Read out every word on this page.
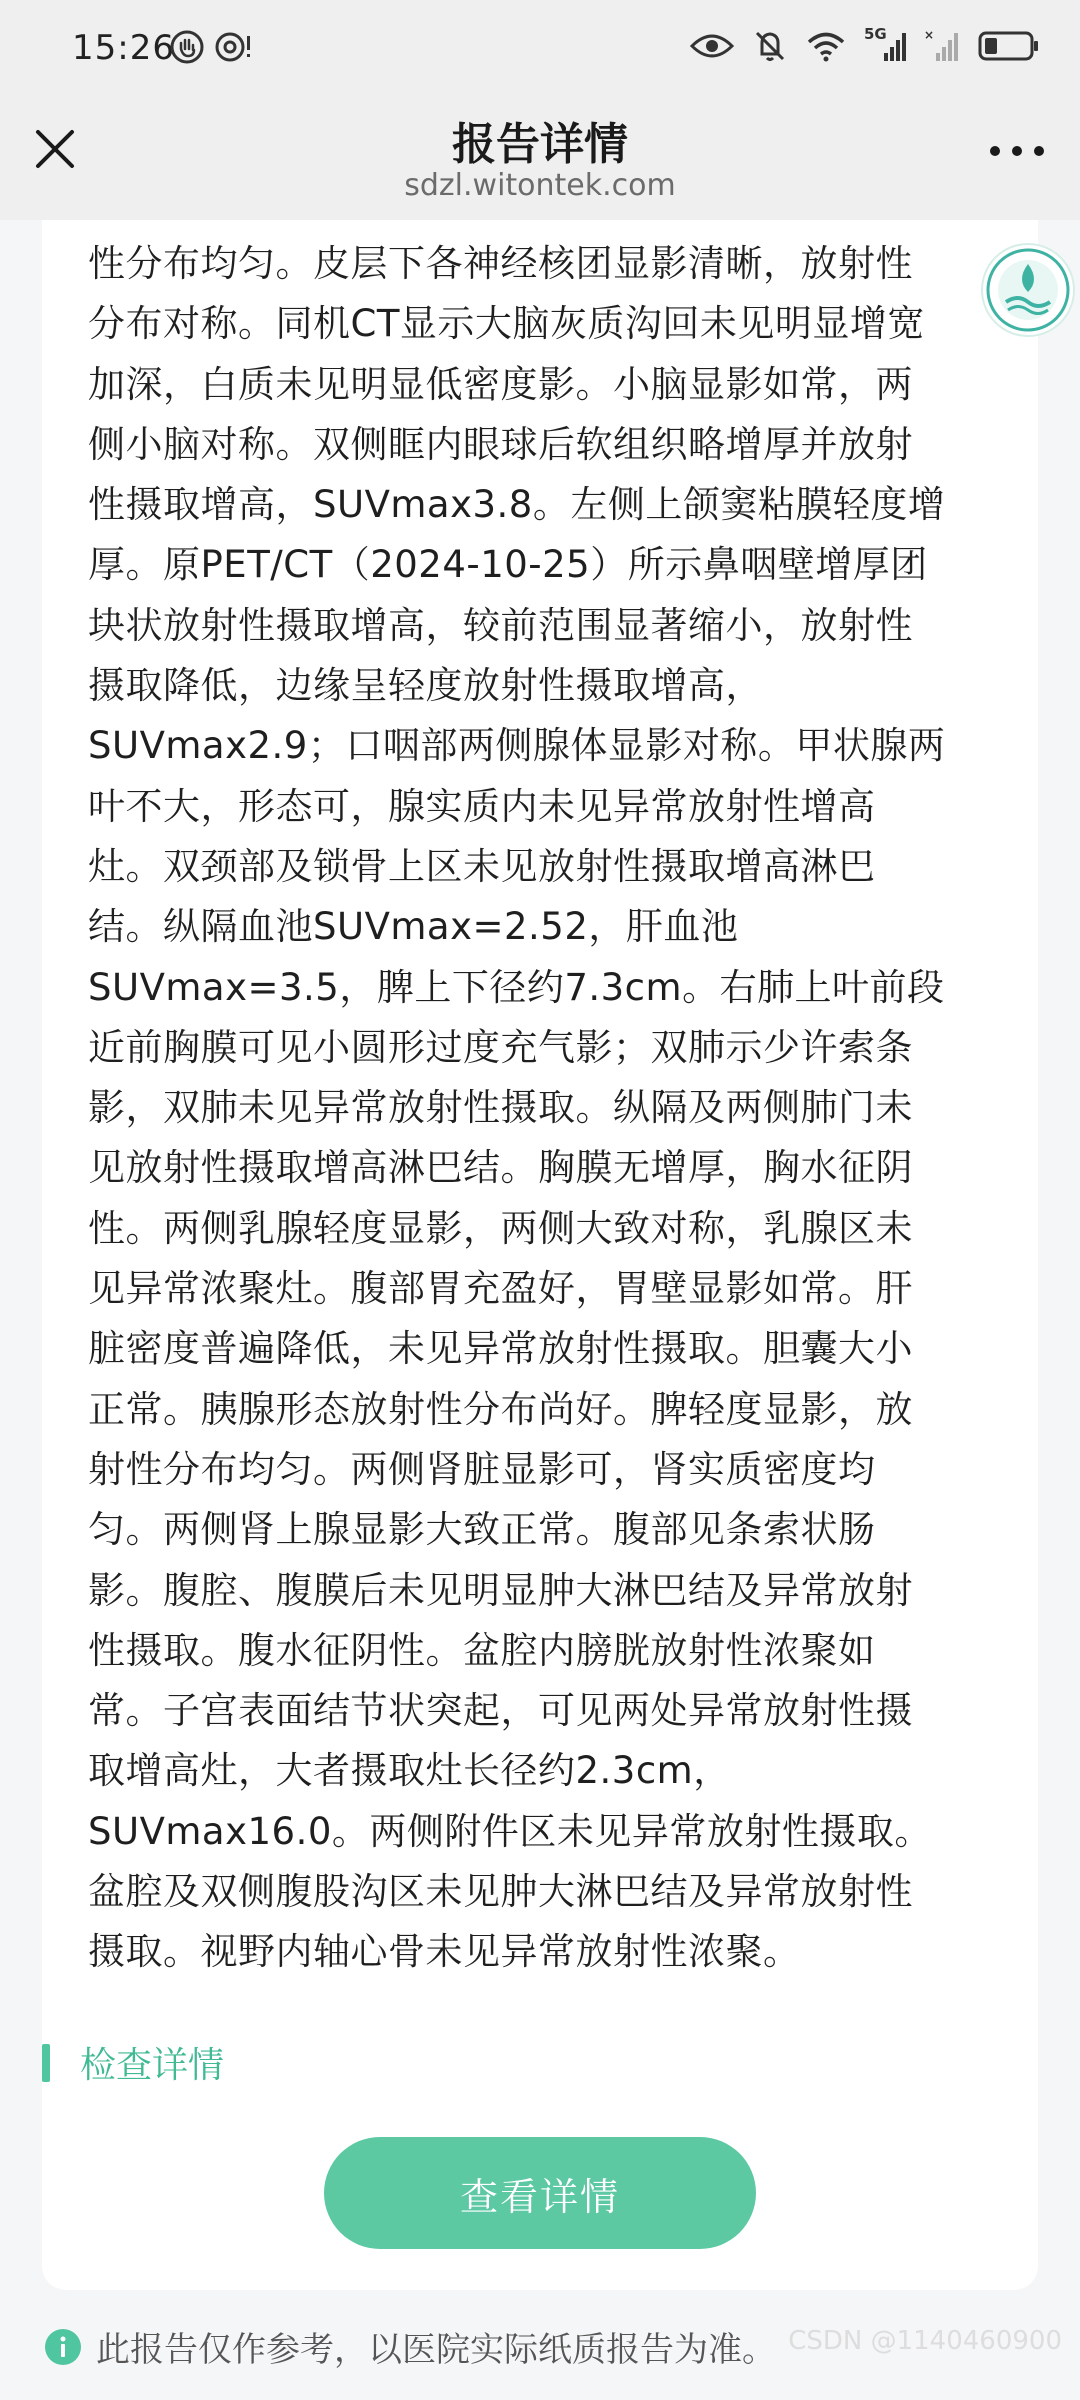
15:26	5G	×
报告详情
sdzl.witontek.com

性分布均匀。皮层下各神经核团显影清晰，放射性
分布对称。同机CT显示大脑灰质沟回未见明显增宽
加深，白质未见明显低密度影。小脑显影如常，两
侧小脑对称。双侧眶内眼球后软组织略增厚并放射
性摄取增高，SUVmax3.8。左侧上颌窦粘膜轻度增
厚。原PET/CT（2024-10-25）所示鼻咽壁增厚团
块状放射性摄取增高，较前范围显著缩小，放射性
摄取降低，边缘呈轻度放射性摄取增高，
SUVmax2.9；口咽部两侧腺体显影对称。甲状腺两
叶不大，形态可，腺实质内未见异常放射性增高
灶。双颈部及锁骨上区未见放射性摄取增高淋巴
结。纵隔血池SUVmax=2.52，肝血池
SUVmax=3.5，脾上下径约7.3cm。右肺上叶前段
近前胸膜可见小圆形过度充气影；双肺示少许索条
影，双肺未见异常放射性摄取。纵隔及两侧肺门未
见放射性摄取增高淋巴结。胸膜无增厚，胸水征阴
性。两侧乳腺轻度显影，两侧大致对称，乳腺区未
见异常浓聚灶。腹部胃充盈好，胃壁显影如常。肝
脏密度普遍降低，未见异常放射性摄取。胆囊大小
正常。胰腺形态放射性分布尚好。脾轻度显影，放
射性分布均匀。两侧肾脏显影可，肾实质密度均
匀。两侧肾上腺显影大致正常。腹部见条索状肠
影。腹腔、腹膜后未见明显肿大淋巴结及异常放射
性摄取。腹水征阴性。盆腔内膀胱放射性浓聚如
常。子宫表面结节状突起，可见两处异常放射性摄
取增高灶，大者摄取灶长径约2.3cm，
SUVmax16.0。两侧附件区未见异常放射性摄取。
盆腔及双侧腹股沟区未见肿大淋巴结及异常放射性
摄取。视野内轴心骨未见异常放射性浓聚。

检查详情
查看详情
此报告仅作参考，以医院实际纸质报告为准。 CSDN @1140460900
